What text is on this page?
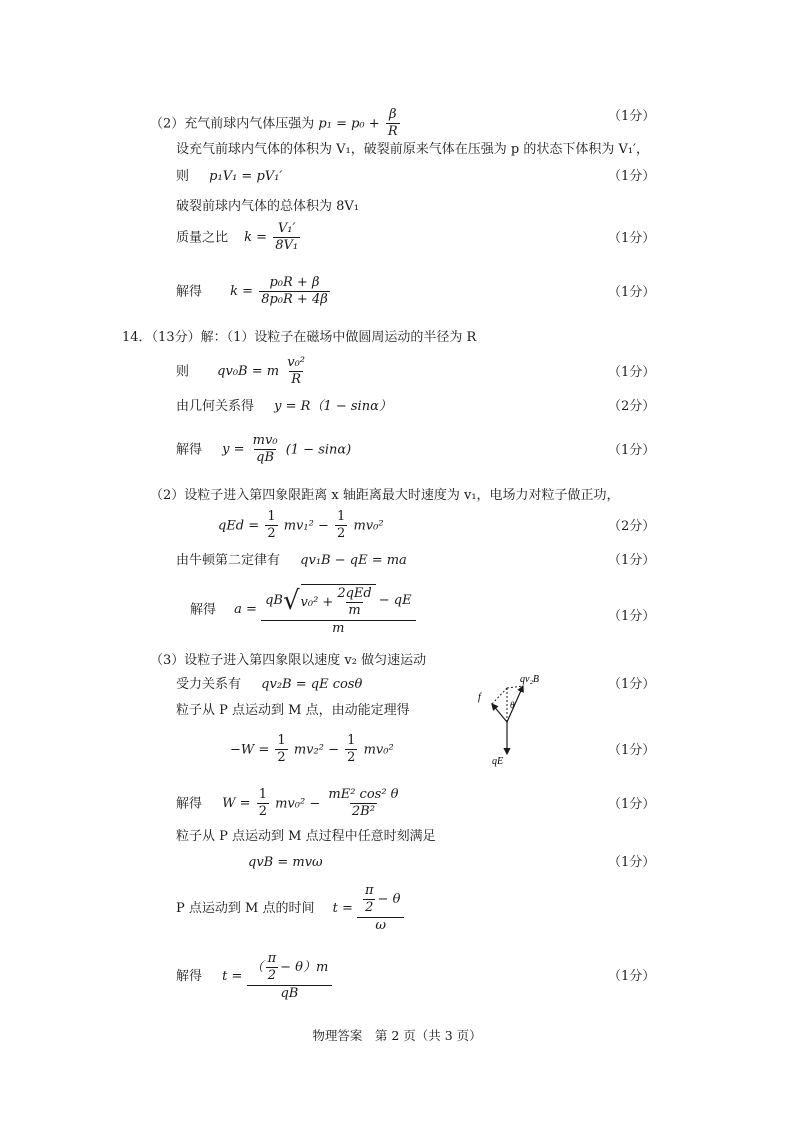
（2）充气前球内气体压强为 $p_1 = p_0 + \frac{\beta}{R}$	（1分）
设充气前球内气体的体积为 V₁，破裂前原来气体在压强为 p 的状态下体积为 V₁′，
则 p₁V₁ = pV₁′	（1分）
破裂前球内气体的总体积为 8V₁
质量之比 $k = \frac{\text{V₁′}}{\text{8V₁}}$	（1分）
解得 $k = \frac{\text{p₀R + β}}{\text{8p₀R + 4β}}$	（1分）
14．（13分）解：（1）设粒子在磁场中做圆周运动的半径为 R
则 qv₀B = m $\frac{\text{v₀²}}{R}$	（1分）
由几何关系得 y = R（1 − sinα）	（2分）
解得 $y = \frac{\text{mv₀}}{qB} (1 - \sin\alpha)$	（1分）
（2）设粒子进入第四象限距离 x 轴距离最大时速度为 v₁，电场力对粒子做正功，
qEd = $\frac{1}{2} mv_1^2 - \frac{1}{2} mv_0^2$	（2分）
由牛顿第二定律有 qv₁B − qE = ma	（1分）
解得 a =
qB √ $v_0^2 + \frac{\text{2qEd}}{m}$ − qE
m
（1分）
（3）设粒子进入第四象限以速度 v₂ 做匀速运动
受力关系有 qv₂B = qE cosθ	（1分）
粒子从 P 点运动到 M 点，由动能定理得
f
qv₂B
θ
qE
$-W = \frac{1}{2} mv_2^2 - \frac{1}{2} mv_0^2$	（1分）
解得 $W = \frac{1}{2} mv_0^2 - \frac{\text{mE² cos² θ}}{\text{2B²}}$	（1分）
粒子从 P 点运动到 M 点过程中任意时刻满足
qvB = mvω	（1分）
P 点运动到 M 点的时间 $t = \frac{\frac{\pi}{2} - \theta}{\omega}$
解得 $t = \frac{( \frac{\pi}{2} - \theta)m}{qB}$	（1分）
物理答案　第 2 页（共 3 页）
